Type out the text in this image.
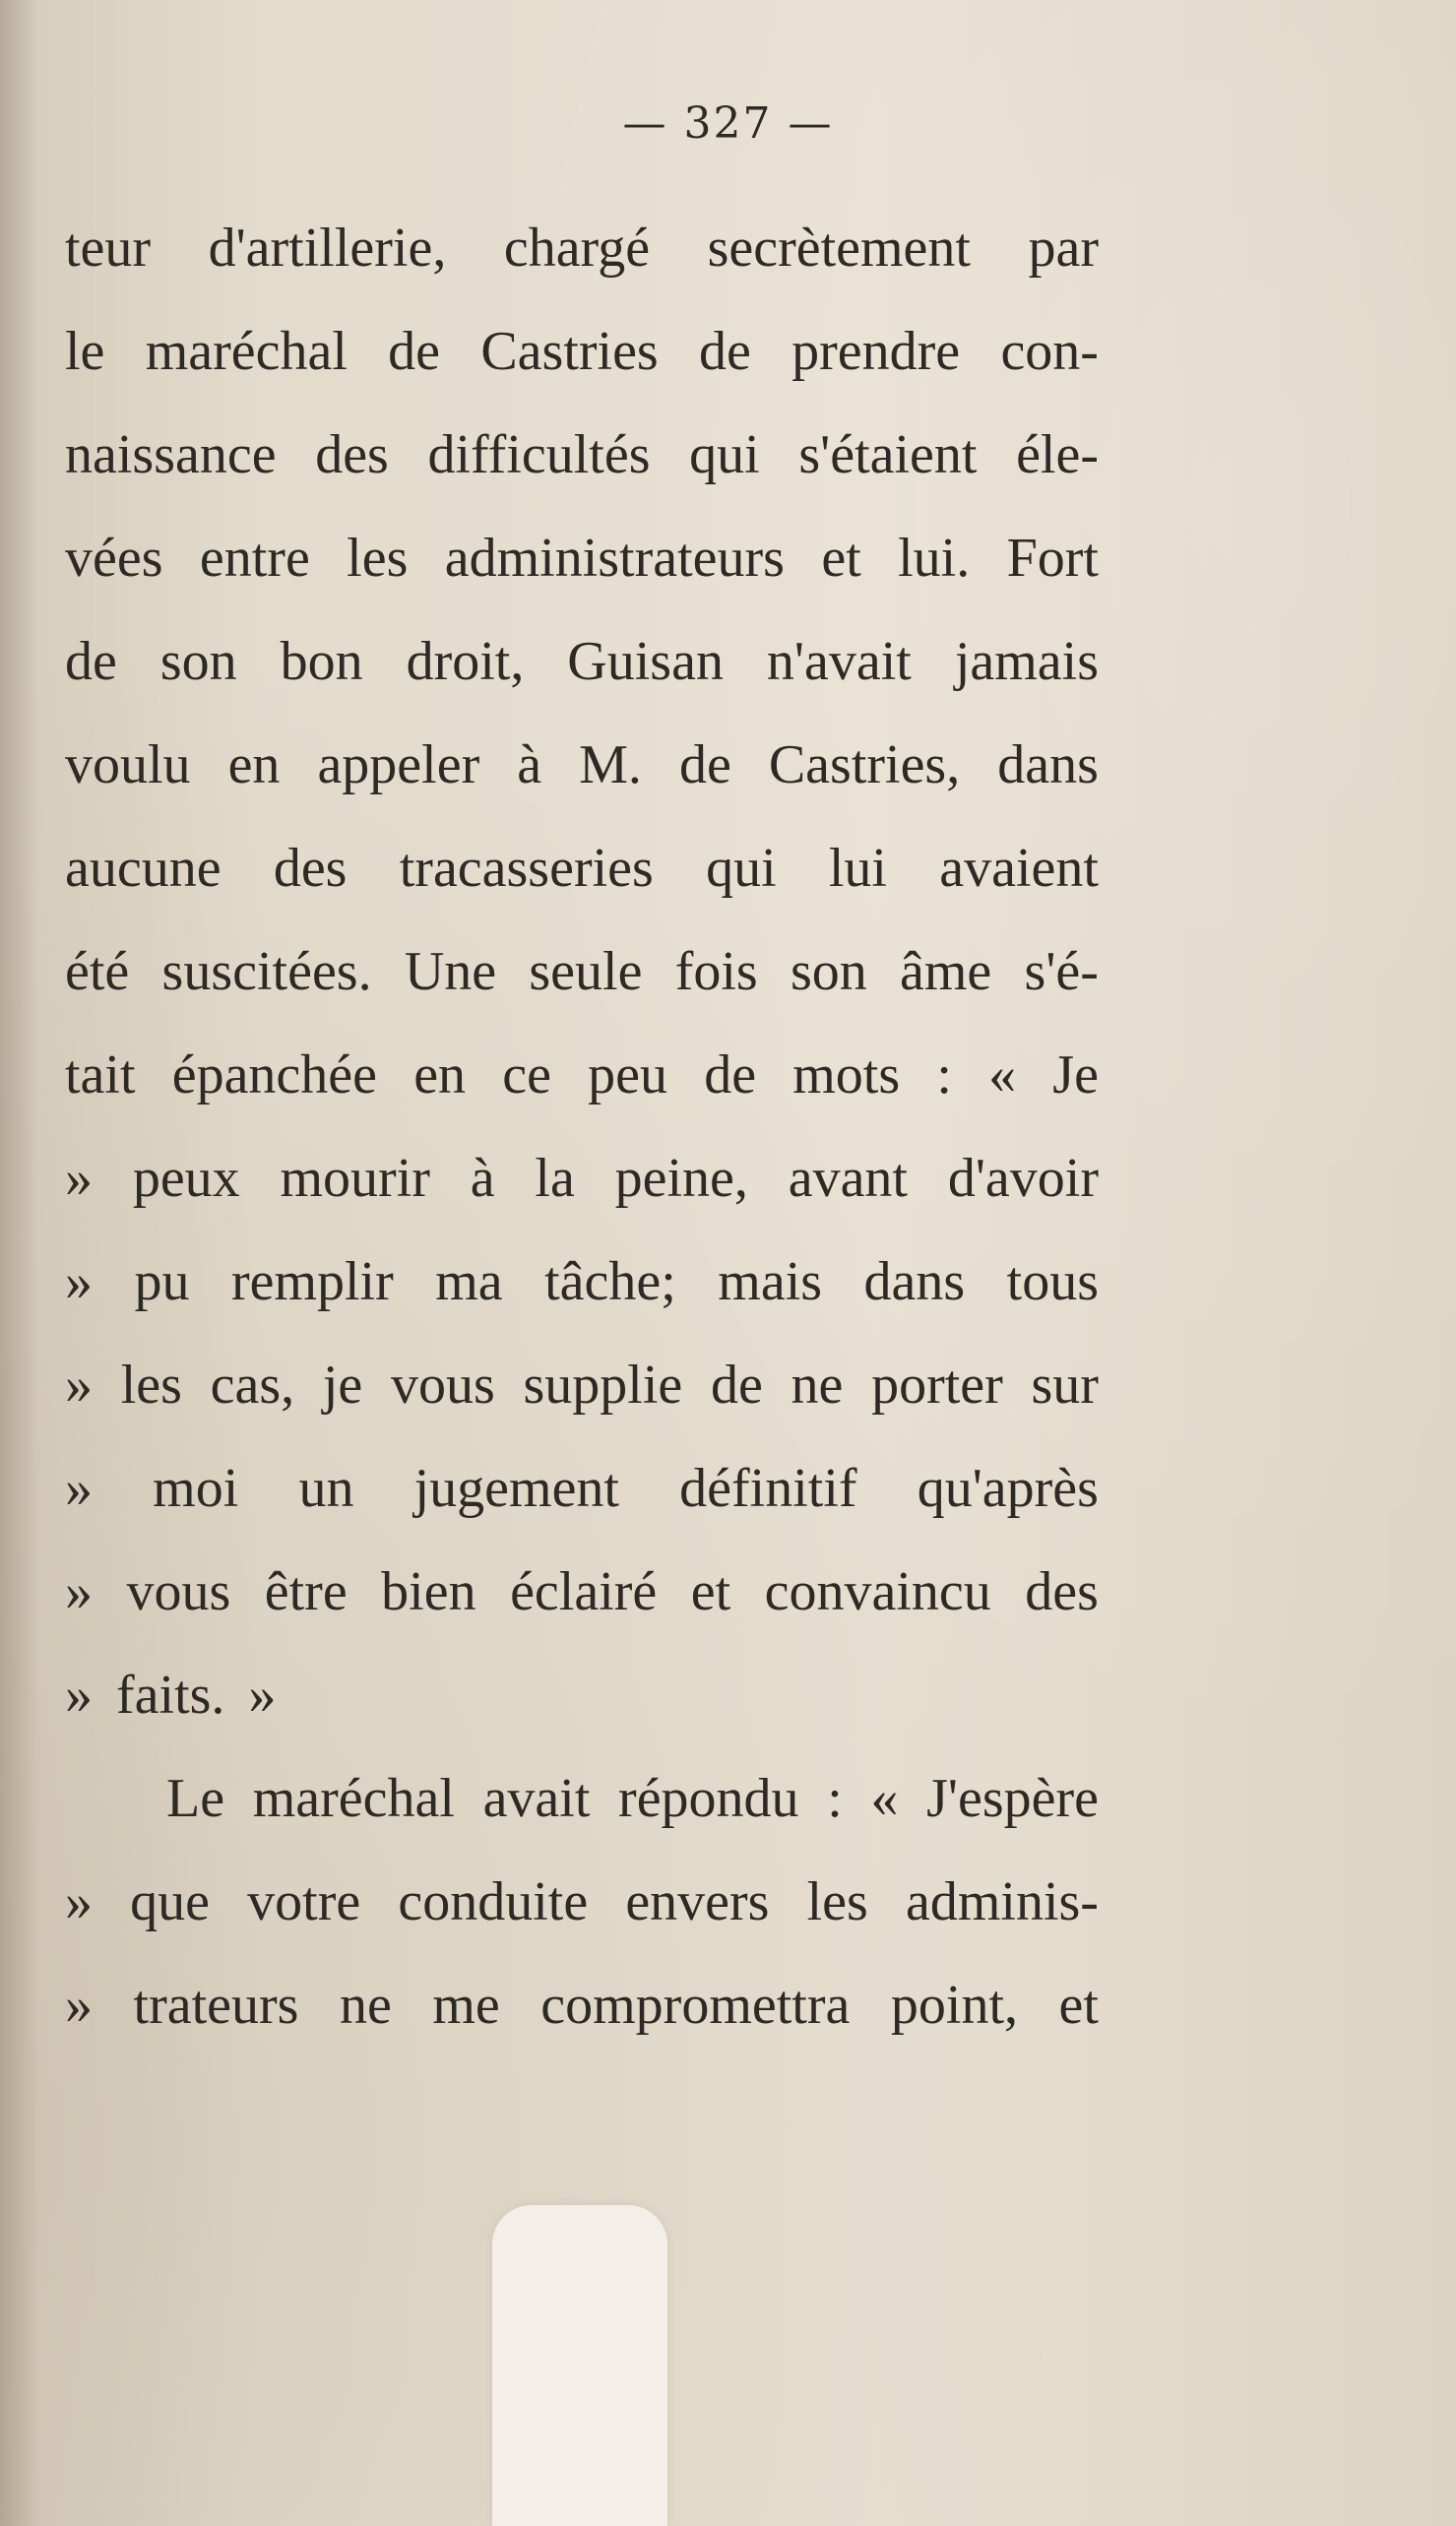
— 327 —
teur d'artillerie, chargé secrètement par
le maréchal de Castries de prendre con-
naissance des difficultés qui s'étaient éle-
vées entre les administrateurs et lui. Fort
de son bon droit, Guisan n'avait jamais
voulu en appeler à M. de Castries, dans
aucune des tracasseries qui lui avaient
été suscitées. Une seule fois son âme s'é-
tait épanchée en ce peu de mots : « Je
» peux mourir à la peine, avant d'avoir
» pu remplir ma tâche; mais dans tous
» les cas, je vous supplie de ne porter sur
» moi un jugement définitif qu'après
» vous être bien éclairé et convaincu des
» faits. »
Le maréchal avait répondu : « J'espère
» que votre conduite envers les adminis-
» trateurs ne me compromettra point, et
